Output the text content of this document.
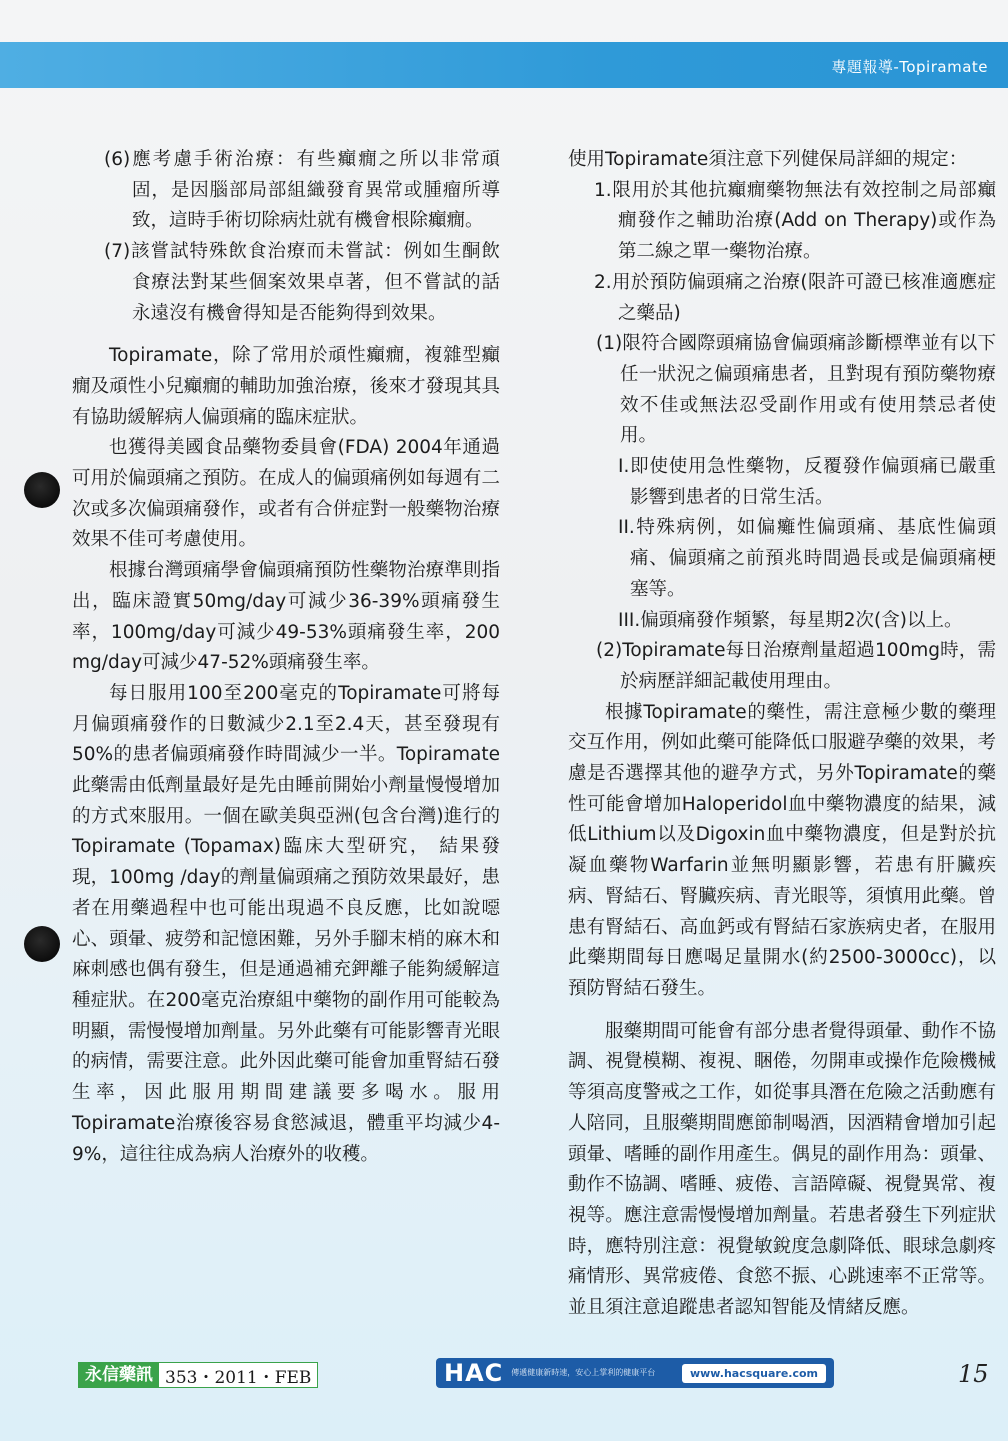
專題報導-Topiramate

(6)應考慮手術治療：有些癲癇之所以非常頑固，是因腦部局部組織發育異常或腫瘤所導致，這時手術切除病灶就有機會根除癲癇。

(7)該嘗試特殊飲食治療而未嘗試：例如生酮飲食療法對某些個案效果卓著，但不嘗試的話永遠沒有機會得知是否能夠得到效果。

Topiramate，除了常用於頑性癲癇，複雜型癲癇及頑性小兒癲癇的輔助加強治療，後來才發現其具有協助緩解病人偏頭痛的臨床症狀。

也獲得美國食品藥物委員會(FDA) 2004年通過可用於偏頭痛之預防。在成人的偏頭痛例如每週有二次或多次偏頭痛發作，或者有合併症對一般藥物治療效果不佳可考慮使用。

根據台灣頭痛學會偏頭痛預防性藥物治療準則指出，臨床證實50mg/day可減少36-39%頭痛發生率，100mg/day可減少49-53%頭痛發生率，200 mg/day可減少47-52%頭痛發生率。

每日服用100至200毫克的Topiramate可將每月偏頭痛發作的日數減少2.1至2.4天，甚至發現有50%的患者偏頭痛發作時間減少一半。Topiramate此藥需由低劑量最好是先由睡前開始小劑量慢慢增加的方式來服用。一個在歐美與亞洲(包含台灣)進行的Topiramate (Topamax)臨床大型研究， 結果發現，100mg /day的劑量偏頭痛之預防效果最好，患者在用藥過程中也可能出現過不良反應，比如說噁心、頭暈、疲勞和記憶困難，另外手腳末梢的麻木和麻刺感也偶有發生，但是通過補充鉀離子能夠緩解這種症狀。在200毫克治療組中藥物的副作用可能較為明顯，需慢慢增加劑量。另外此藥有可能影響青光眼的病情，需要注意。此外因此藥可能會加重腎結石發生率，因此服用期間建議要多喝水。服用Topiramate治療後容易食慾減退，體重平均減少4-9%，這往往成為病人治療外的收穫。

使用Topiramate須注意下列健保局詳細的規定：

1.限用於其他抗癲癇藥物無法有效控制之局部癲癇發作之輔助治療(Add on Therapy)或作為第二線之單一藥物治療。

2.用於預防偏頭痛之治療(限許可證已核准適應症之藥品)

(1)限符合國際頭痛協會偏頭痛診斷標準並有以下任一狀況之偏頭痛患者，且對現有預防藥物療效不佳或無法忍受副作用或有使用禁忌者使用。

I.即使使用急性藥物，反覆發作偏頭痛已嚴重影響到患者的日常生活。

II.特殊病例，如偏癱性偏頭痛、基底性偏頭痛、偏頭痛之前預兆時間過長或是偏頭痛梗塞等。

III.偏頭痛發作頻繁，每星期2次(含)以上。

(2)Topiramate每日治療劑量超過100mg時，需於病歷詳細記載使用理由。

根據Topiramate的藥性，需注意極少數的藥理交互作用，例如此藥可能降低口服避孕藥的效果，考慮是否選擇其他的避孕方式，另外Topiramate的藥性可能會增加Haloperidol血中藥物濃度的結果，減低Lithium以及Digoxin血中藥物濃度，但是對於抗凝血藥物Warfarin並無明顯影響，若患有肝臟疾病、腎結石、腎臟疾病、青光眼等，須慎用此藥。曾患有腎結石、高血鈣或有腎結石家族病史者，在服用此藥期間每日應喝足量開水(約2500-3000cc)，以預防腎結石發生。

服藥期間可能會有部分患者覺得頭暈、動作不協調、視覺模糊、複視、睏倦，勿開車或操作危險機械等須高度警戒之工作，如從事具潛在危險之活動應有人陪同，且服藥期間應節制喝酒，因酒精會增加引起頭暈、嗜睡的副作用產生。偶見的副作用為：頭暈、動作不協調、嗜睡、疲倦、言語障礙、視覺異常、複視等。應注意需慢慢增加劑量。若患者發生下列症狀時，應特別注意：視覺敏銳度急劇降低、眼球急劇疼痛情形、異常疲倦、食慾不振、心跳速率不正常等。並且須注意追蹤患者認知智能及情緒反應。

永信藥訊 353・2011・FEB	HAC	傳遞健康新時速，安心上掌利的健康平台	www.hacsquare.com	15
